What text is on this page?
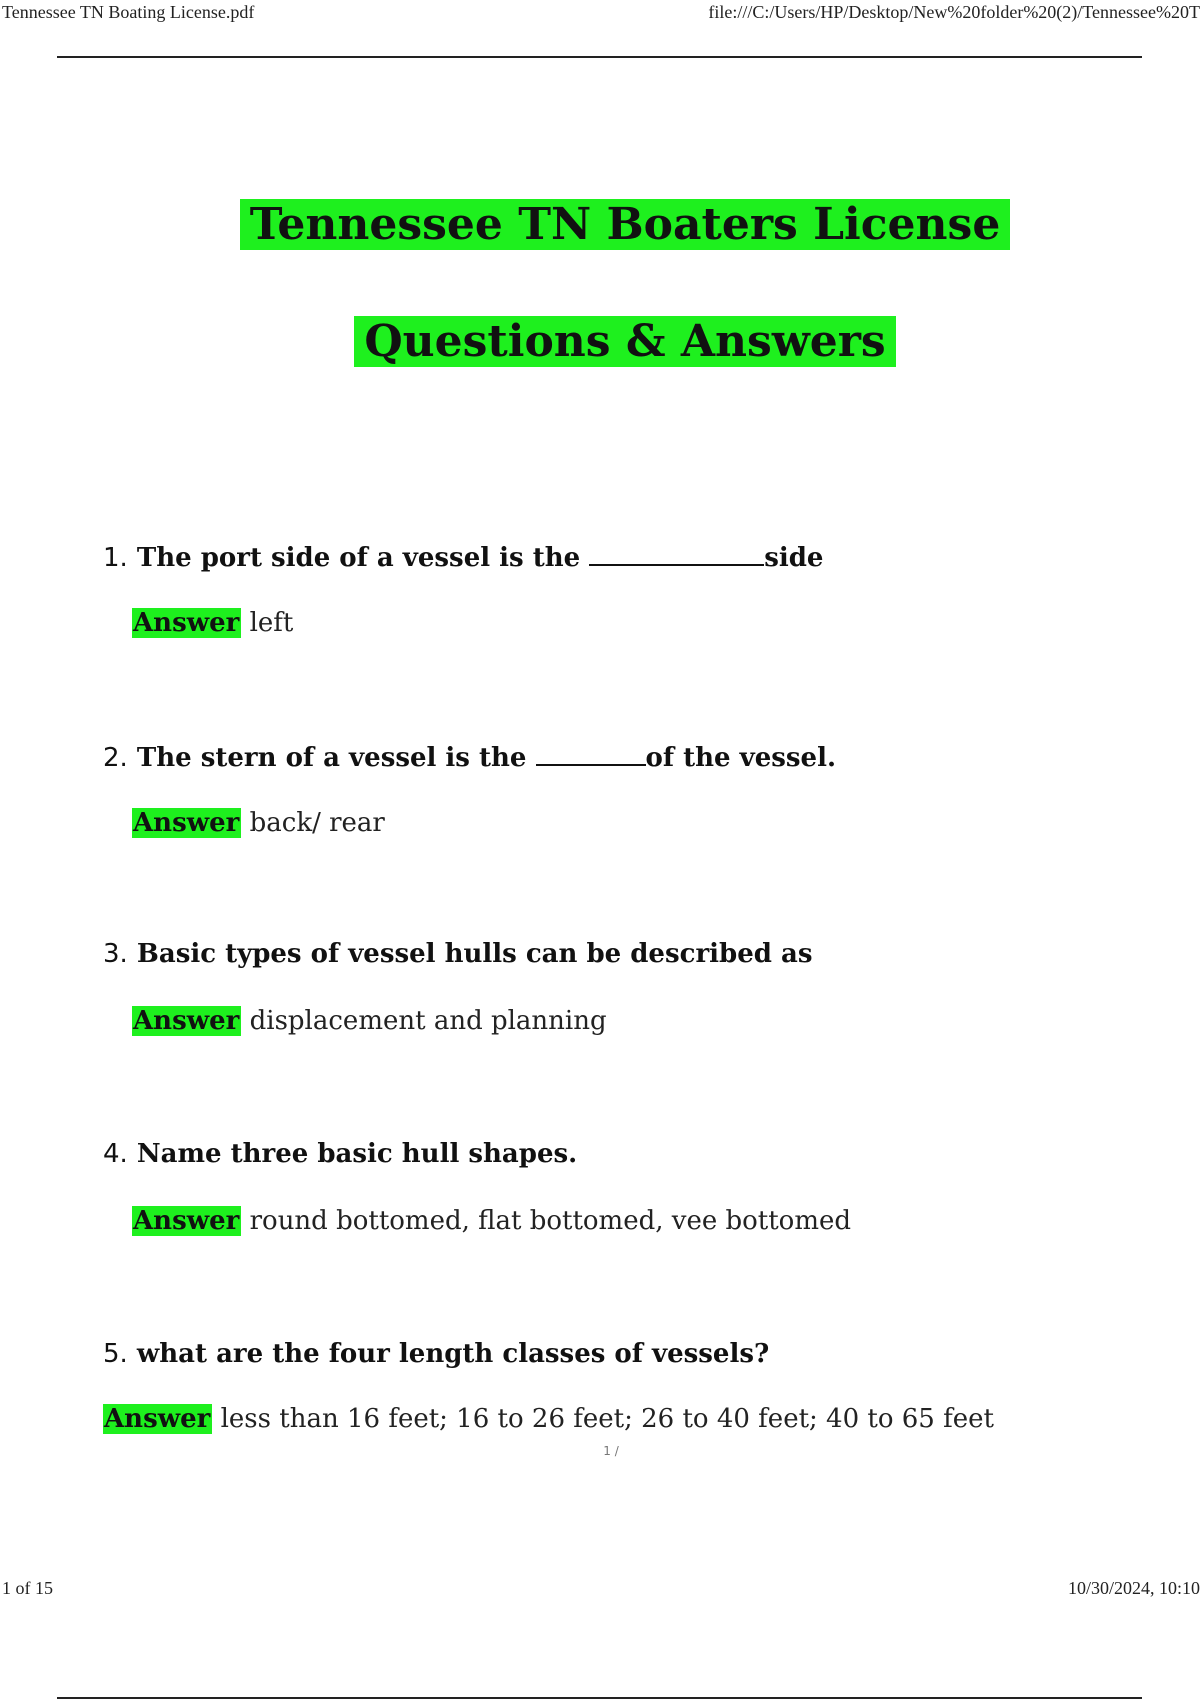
Tennessee TN Boating License.pdf	file:///C:/Users/HP/Desktop/New%20folder%20(2)/Tennessee%20T
Tennessee TN Boaters License
Questions & Answers
1. The port side of a vessel is the	side
Answer left
2. The stern of a vessel is the	of the vessel.
Answer back/ rear
3. Basic types of vessel hulls can be described as
Answer displacement and planning
4. Name three basic hull shapes.
Answer round bottomed, flat bottomed, vee bottomed
5. what are the four length classes of vessels?
Answer less than 16 feet; 16 to 26 feet; 26 to 40 feet; 40 to 65 feet
1 /
1 of 15	10/30/2024, 10:10
